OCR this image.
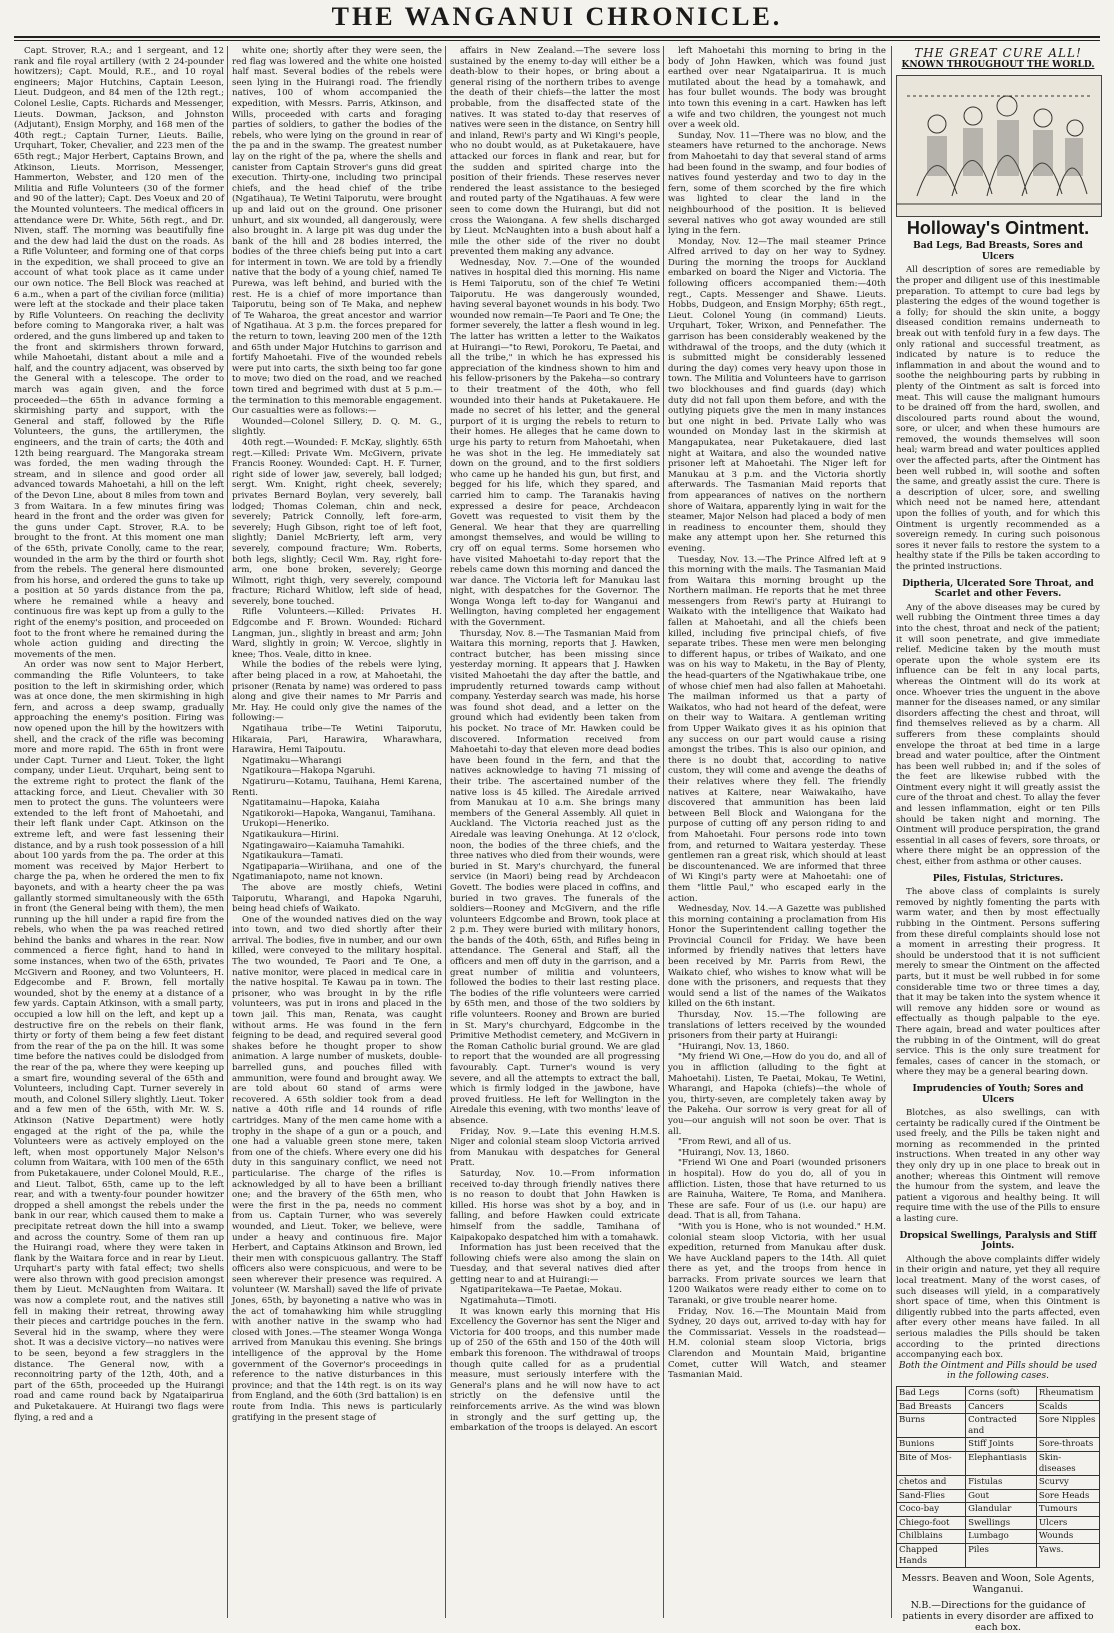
THE WANGANUI CHRONICLE.

Capt. Strover, R.A.; and 1 sergeant, and 12 rank and file royal artillery (with 2 24-pounder howitzers); Capt. Mould, R.E., and 10 royal engineers; Major Hutchins, Captain Leeson, Lieut. Dudgeon, and 84 men of the 12th regt.; Colonel Leslie, Capts. Richards and Messenger, Lieuts. Dowman, Jackson, and Johnston (Adjutant), Ensign Morphy, and 168 men of the 40th regt.; Captain Turner, Lieuts. Bailie, Urquhart, Toker, Chevalier, and 223 men of the 65th regt.; Major Herbert, Captains Brown, and Atkinson, Lieuts. Morrison, Messenger, Hammerton, Webster, and 120 men of the Militia and Rifle Volunteers (30 of the former and 90 of the latter); Capt. Des Voeux and 20 of the Mounted volunteers. The medical officers in attendance were Dr. White, 56th regt., and Dr. Niven, staff. The morning was beautifully fine and the dew had laid the dust on the roads. As a Rifle Volunteer, and forming one of that corps in the expedition, we shall proceed to give an account of what took place as it came under our own notice. The Bell Block was reached at 6 a.m., when a part of the civilian force (militia) were left at the stockade and their place taken by Rifle Volunteers. On reaching the declivity before coming to Mangoraka river, a halt was ordered, and the guns limbered up and taken to the front and skirmishers thrown forward, while Mahoetahi, distant about a mile and a half, and the country adjacent, was observed by the General with a telescope. The order to march was again given, and the force proceeded—the 65th in advance forming a skirmishing party and support, with the General and staff, followed by the Rifle Volunteers, the guns, the artillerymen, the engineers, and the train of carts; the 40th and 12th being rearguard. The Mangoraka stream was forded, the men wading through the stream, and in silence and good order all advanced towards Mahoetahi, a hill on the left of the Devon Line, about 8 miles from town and 3 from Waitara. In a few minutes firing was heard in the front and the order was given for the guns under Capt. Strover, R.A. to be brought to the front. At this moment one man of the 65th, private Conolly, came to the rear, wounded in the arm by the third or fourth shot from the rebels. The general here dismounted from his horse, and ordered the guns to take up a position at 50 yards distance from the pa, where he remained while a heavy and continuous fire was kept up from a gully to the right of the enemy's position, and proceeded on foot to the front where he remained during the whole action guiding and directing the movements of the men.

An order was now sent to Major Herbert, commanding the Rifle Volunteers, to take position to the left in skirmishing order, which was at once done, the men skirmishing in high fern, and across a deep swamp, gradually approaching the enemy's position. Firing was now opened upon the hill by the howitzers with shell, and the crack of the rifle was becoming more and more rapid. The 65th in front were under Capt. Turner and Lieut. Toker, the light company, under Lieut. Urquhart, being sent to the extreme right to protect the flank of the attacking force, and Lieut. Chevalier with 30 men to protect the guns. The volunteers were extended to the left front of Mahoetahi, and their left flank under Capt. Atkinson on the extreme left, and were fast lessening their distance, and by a rush took possession of a hill about 100 yards from the pa. The order at this moment was received by Major Herbert to charge the pa, when he ordered the men to fix bayonets, and with a hearty cheer the pa was gallantly stormed simultaneously with the 65th in front (the General being with them), the men running up the hill under a rapid fire from the rebels, who when the pa was reached retired behind the banks and whares in the rear. Now commenced a fierce fight, hand to hand in some instances, when two of the 65th, privates McGivern and Rooney, and two Volunteers, H. Edgecombe and F. Brown, fell mortally wounded, shot by the enemy at a distance of a few yards. Captain Atkinson, with a small party, occupied a low hill on the left, and kept up a destructive fire on the rebels on their flank, thirty or forty of them being a few feet distant from the rear of the pa on the hill. It was some time before the natives could be dislodged from the rear of the pa, where they were keeping up a smart fire, wounding several of the 65th and Volunteers, including Capt. Turner severely in mouth, and Colonel Sillery slightly. Lieut. Toker and a few men of the 65th, with Mr. W. S. Atkinson (Native Department) were hotly engaged at the right of the pa, while the Volunteers were as actively employed on the left, when most opportunely Major Nelson's column from Waitara, with 100 men of the 65th from Puketakauere, under Colonel Mould, R.E., and Lieut. Talbot, 65th, came up to the left rear, and with a twenty-four pounder howitzer dropped a shell amongst the rebels under the bank in our rear, which caused them to make a precipitate retreat down the hill into a swamp and across the country. Some of them ran up the Huirangi road, where they were taken in flank by the Waitara force and in rear by Lieut. Urquhart's party with fatal effect; two shells were also thrown with good precision amongst them by Lieut. McNaughten from Waitara. It was now a complete rout, and the natives still fell in making their retreat, throwing away their pieces and cartridge pouches in the fern. Several hid in the swamp, where they were shot. It was a decisive victory—no natives were to be seen, beyond a few stragglers in the distance. The General now, with a reconnoitring party of the 12th, 40th, and a part of the 65th, proceeded up the Huirangi road and came round back by Ngataiparirua and Puketakauere. At Huirangi two flags were flying, a red and a

white one; shortly after they were seen, the red flag was lowered and the white one hoisted half mast. Several bodies of the rebels were seen lying in the Huirangi road. The friendly natives, 100 of whom accompanied the expedition, with Messrs. Parris, Atkinson, and Wills, proceeded with carts and foraging parties of soldiers, to gather the bodies of the rebels, who were lying on the ground in rear of the pa and in the swamp. The greatest number lay on the right of the pa, where the shells and canister from Captain Strover's guns did great execution. Thirty-one, including two principal chiefs, and the head chief of the tribe (Ngatihaua), Te Wetini Taiporutu, were brought up and laid out on the ground. One prisoner unhurt, and six wounded, all dangerously, were also brought in. A large pit was dug under the bank of the hill and 28 bodies interred, the bodies of the three chiefs being put into a cart for interment in town. We are told by a friendly native that the body of a young chief, named Te Purewa, was left behind, and buried with the rest. He is a chief of more importance than Taiporutu, being son of Te Maka, and nephew of Te Waharoa, the great ancestor and warrior of Ngatihaua. At 3 p.m. the forces prepared for the return to town, leaving 200 men of the 12th and 65th under Major Hutchins to garrison and fortify Mahoetahi. Five of the wounded rebels were put into carts, the sixth being too far gone to move; two died on the road, and we reached town tired and begrimed with dust at 5 p.m.—the termination to this memorable engagement. Our casualties were as follows:—

Wounded—Colonel Sillery, D. Q. M. G., slightly.

40th regt.—Wounded: F. McKay, slightly. 65th regt.—Killed: Private Wm. McGivern, private Francis Rooney. Wounded: Capt. H. F. Turner, right side of lower jaw, severely, ball lodged; sergt. Wm. Knight, right cheek, severely; privates Bernard Boylan, very severely, ball lodged; Thomas Coleman, chin and neck, severely; Patrick Connolly, left fore-arm, severely; Hugh Gibson, right toe of left foot, slightly; Daniel McBrierty, left arm, very severely, compound fracture; Wm. Roberts, both legs, slightly; Cecil Wm. Ray, right fore-arm, one bone broken, severely; George Wilmott, right thigh, very severely, compound fracture; Richard Whitlow, left side of head, severely, bone touched.

Rifle Volunteers.—Killed: Privates H. Edgcombe and F. Brown. Wounded: Richard Langman, jun., slightly in breast and arm; John Ward, slightly in groin; W. Vercoe, slightly in knee; Thos. Veale, ditto in knee.

While the bodies of the rebels were lying, after being placed in a row, at Mahoetahi, the prisoner (Renata by name) was ordered to pass along and give their names to Mr Parris and Mr. Hay. He could only give the names of the following:—

Ngatihaua tribe—Te Wetini Taiporutu, Hikaraia, Pari, Harawira, Wharawhara, Harawira, Hemi Taipoutu.

Ngatimaku—Wharangi

Ngatikoura—Hakopa Ngaruhi.

Ngatiruru—Kotamu, Tauihana, Hemi Karena, Renti.

Ngatitamainu—Hapoka, Kaiaha

Ngatikoroki—Hapoka, Wanganui, Tamihana.

Urukopi—Heneriko.

Ngatikaukura—Hirini.

Ngatingawairo—Kaiamuha Tamahiki.

Ngatikaukura—Tamati.

Ngatipaparia—Wiriihana, and one of the Ngatimaniapoto, name not known.

The above are mostly chiefs, Wetini Taiporutu, Wharangi, and Hapoka Ngaruhi, being head chiefs of Waikato.

One of the wounded natives died on the way into town, and two died shortly after their arrival. The bodies, five in number, and our own killed, were conveyed to the military hospital. The two wounded, Te Paori and Te One, a native monitor, were placed in medical care in the native hospital. Te Kawau pa in town. The prisoner, who was brought in by the rifle volunteers, was put in irons and placed in the town jail. This man, Renata, was caught without arms. He was found in the fern feigning to be dead, and required several good shakes before he thought proper to show animation. A large number of muskets, double-barrelled guns, and pouches filled with ammunition, were found and brought away. We are told about 60 stand of arms were recovered. A 65th soldier took from a dead native a 40th rifle and 14 rounds of rifle cartridges. Many of the men came home with a trophy in the shape of a gun or a pouch, and one had a valuable green stone mere, taken from one of the chiefs. Where every one did his duty in this sanguinary conflict, we need not particularise. The charge of the rifles is acknowledged by all to have been a brilliant one; and the bravery of the 65th men, who were the first in the pa, needs no comment from us. Captain Turner, who was severely wounded, and Lieut. Toker, we believe, were under a heavy and continuous fire. Major Herbert, and Captains Atkinson and Brown, led their men with conspicuous gallantry. The Staff officers also were conspicuous, and were to be seen wherever their presence was required. A volunteer (W. Marshall) saved the life of private Jones, 65th, by bayoneting a native who was in the act of tomahawking him while struggling with another native in the swamp who had closed with Jones.—The steamer Wonga Wonga arrived from Manukau this evening. She brings intelligence of the approval by the Home government of the Governor's proceedings in reference to the native disturbances in this province; and that the 14th regt. is on its way from England, and the 60th (3rd battalion) is en route from India. This news is particularly gratifying in the present stage of

affairs in New Zealand.—The severe loss sustained by the enemy to-day will either be a death-blow to their hopes, or bring about a general rising of the northern tribes to avenge the death of their chiefs—the latter the most probable, from the disaffected state of the natives. It was stated to-day that reserves of natives were seen in the distance, on Sentry hill and inland, Rewi's party and Wi Kingi's people, who no doubt would, as at Puketakauere, have attacked our forces in flank and rear, but for the sudden and spirited charge into the position of their friends. These reserves never rendered the least assistance to the besieged and routed party of the Ngatihauas. A few were seen to come down the Huirangi, but did not cross the Waiongana. A few shells discharged by Lieut. McNaughten into a bush about half a mile the other side of the river no doubt prevented them making any advance.

Wednesday, Nov. 7.—One of the wounded natives in hospital died this morning. His name is Hemi Taiporutu, son of the chief Te Wetini Taiporutu. He was dangerously wounded, having several bayonet wounds in his body. Two wounded now remain—Te Paori and Te One; the former severely, the latter a flesh wound in leg. The latter has written a letter to the Waikatos at Huirangi—"to Rewi, Porokoru, Te Paetai, and all the tribe," in which he has expressed his appreciation of the kindness shown to him and his fellow-prisoners by the Pakeha—so contrary to their treatment of the 40th, who fell wounded into their hands at Puketakauere. He made no secret of his letter, and the general purport of it is urging the rebels to return to their homes. He alleges that he came down to urge his party to return from Mahoetahi, when he was shot in the leg. He immediately sat down on the ground, and to the first soldiers who came up he handed his gun, but first, and begged for his life, which they spared, and carried him to camp. The Taranakis having expressed a desire for peace, Archdeacon Govett was requested to visit them by the General. We hear that they are quarrelling amongst themselves, and would be willing to cry off on equal terms. Some horsemen who have visited Mahoetahi to-day report that the rebels came down this morning and danced the war dance. The Victoria left for Manukau last night, with despatches for the Governor. The Wonga Wonga left to-day for Wanganui and Wellington, having completed her engagement with the Government.

Thursday, Nov. 8.—The Tasmanian Maid from Waitara this morning, reports that J. Hawken, contract butcher, has been missing since yesterday morning. It appears that J. Hawken visited Mahoetahi the day after the battle, and imprudently returned towards camp without company. Yesterday search was made, his horse was found shot dead, and a letter on the ground which had evidently been taken from his pocket. No trace of Mr. Hawken could be discovered. Information received from Mahoetahi to-day that eleven more dead bodies have been found in the fern, and that the natives acknowledge to having 71 missing of their tribe. The ascertained number of the native loss is 45 killed. The Airedale arrived from Manukau at 10 a.m. She brings many members of the General Assembly. All quiet in Auckland. The Victoria reached just as the Airedale was leaving Onehunga. At 12 o'clock, noon, the bodies of the three chiefs, and the three natives who died from their wounds, were buried in St. Mary's churchyard, the funeral service (in Maori) being read by Archdeacon Govett. The bodies were placed in coffins, and buried in two graves. The funerals of the soldiers—Rooney and McGivern, and the rifle volunteers Edgcombe and Brown, took place at 2 p.m. They were buried with military honors, the bands of the 40th, 65th, and Rifles being in attendance. The General and Staff, all the officers and men off duty in the garrison, and a great number of militia and volunteers, followed the bodies to their last resting place. The bodies of the rifle volunteers were carried by 65th men, and those of the two soldiers by rifle volunteers. Rooney and Brown are buried in St. Mary's churchyard, Edgcombe in the Primitive Methodist cemetery, and McGivern in the Roman Catholic burial ground. We are glad to report that the wounded are all progressing favourably. Capt. Turner's wound is very severe, and all the attempts to extract the ball, which is firmly lodged in the jawbone, have proved fruitless. He left for Wellington in the Airedale this evening, with two months' leave of absence.

Friday, Nov. 9.—Late this evening H.M.S. Niger and colonial steam sloop Victoria arrived from Manukau with despatches for General Pratt.

Saturday, Nov. 10.—From information received to-day through friendly natives there is no reason to doubt that John Hawken is killed. His horse was shot by a boy, and in falling, and before Hawken could extricate himself from the saddle, Tamihana of Kaipakopako despatched him with a tomahawk.

Information has just been received that the following chiefs were also among the slain on Tuesday, and that several natives died after getting near to and at Huirangi:—

Ngatiparitekawa—Te Paetae, Mokau.

Ngatimahuta—Timoti.

It was known early this morning that His Excellency the Governor has sent the Niger and Victoria for 400 troops, and this number made up of 250 of the 65th and 150 of the 40th will embark this forenoon. The withdrawal of troops though quite called for as a prudential measure, must seriously interfere with the General's plans and he will now have to act strictly on the defensive until the reinforcements arrive. As the wind was blown in strongly and the surf getting up, the embarkation of the troops is delayed. An escort

left Mahoetahi this morning to bring in the body of John Hawken, which was found just earthed over near Ngataiparirua. It is much mutilated about the head by a tomahawk, and has four bullet wounds. The body was brought into town this evening in a cart. Hawken has left a wife and two children, the youngest not much over a week old.

Sunday, Nov. 11—There was no blow, and the steamers have returned to the anchorage. News from Mahoetahi to day that several stand of arms had been found in the swamp, and four bodies of natives found yesterday and two to day in the fern, some of them scorched by the fire which was lighted to clear the land in the neighbourhood of the position. It is believed several natives who got away wounded are still lying in the fern.

Monday, Nov. 12—The mail steamer Prince Alfred arrived to day on her way to Sydney. During the morning the troops for Auckland embarked on board the Niger and Victoria. The following officers accompanied them:—40th regt., Capts. Messenger and Shawe. Lieuts. Hobbs, Dudgeon, and Ensign Morphy; 65th regt., Lieut. Colonel Young (in command) Lieuts. Urquhart, Toker, Wrixon, and Pennefather. The garrison has been considerably weakened by the withdrawal of the troops, and the duty (which it is submitted might be considerably lessened during the day) comes very heavy upon those in town. The Militia and Volunteers have to garrison two blockhouses and find guards (day) which duty did not fall upon them before, and with the outlying piquets give the men in many instances but one night in bed. Private Lally who was wounded on Monday last in the skirmish at Mangapukatea, near Puketakauere, died last night at Waitara, and also the wounded native prisoner left at Mahoetahi. The Niger left for Manukau at 3 p.m. and the Victoria shortly afterwards. The Tasmanian Maid reports that from appearances of natives on the northern shore of Waitara, apparently lying in wait for the steamer, Major Nelson had placed a body of men in readiness to encounter them, should they make any attempt upon her. She returned this evening.

Tuesday, Nov. 13.—The Prince Alfred left at 9 this morning with the mails. The Tasmanian Maid from Waitara this morning brought up the Northern mailman. He reports that he met three messengers from Rewi's party at Huirangi to Waikato with the intelligence that Waikato had fallen at Mahoetahi, and all the chiefs been killed, including five principal chiefs, of five separate tribes. These men were men belonging to different hapus, or tribes of Waikato, and one was on his way to Maketu, in the Bay of Plenty, the head-quarters of the Ngatiwhakaue tribe, one of whose chief men had also fallen at Mahoetahi. The mailman informed us that a party of Waikatos, who had not heard of the defeat, were on their way to Waitara. A gentleman writing from Upper Waikato gives it as his opinion that any success on our part would cause a rising amongst the tribes. This is also our opinion, and there is no doubt that, according to native custom, they will come and avenge the deaths of their relatives where they fell. The friendly natives at Kaitere, near Waiwakaiho, have discovered that ammunition has been laid between Bell Block and Waiongana for the purpose of cutting off any person riding to and from Mahoetahi. Four persons rode into town from, and returned to Waitara yesterday. These gentlemen ran a great risk, which should at least be discountenanced. We are informed that three of Wi Kingi's party were at Mahoetahi: one of them "little Paul," who escaped early in the action.

Wednesday, Nov. 14.—A Gazette was published this morning containing a proclamation from His Honor the Superintendent calling together the Provincial Council for Friday. We have been informed by friendly natives that letters have been received by Mr. Parris from Rewi, the Waikato chief, who wishes to know what will be done with the prisoners, and requests that they would send a list of the names of the Waikatos killed on the 6th instant.

Thursday, Nov. 15.—The following are translations of letters received by the wounded prisoners from their party at Huirangi:

"Huirangi, Nov. 13, 1860.

"My friend Wi One,—How do you do, and all of you in affliction (alluding to the fight at Mahoetahi). Listen, Te Paetai, Mokau, Te Wetini, Wharangi, and Hapoka (chiefs)—the whole of you, thirty-seven, are completely taken away by the Pakeha. Our sorrow is very great for all of you—our anguish will not soon be over. That is all.

"From Rewi, and all of us.

"Huirangi, Nov. 13, 1860.

"Friend Wi One and Poari (wounded prisoners in hospital). How do you do, all of you in affliction. Listen, those that have returned to us are Rainuha, Waitere, Te Roma, and Manihera. These are safe. Four of us (i.e. our hapu) are dead. That is all, from Tahana.

"With you is Hone, who is not wounded." H.M. colonial steam sloop Victoria, with her usual expedition, returned from Manukau after dusk. We have Auckland papers to the 14th. All quiet there as yet, and the troops from hence in barracks. From private sources we learn that 1200 Waikatos were ready either to come on to Taranaki, or give trouble nearer home.

Friday, Nov. 16.—The Mountain Maid from Sydney, 20 days out, arrived to-day with hay for the Commissariat. Vessels in the roadstead—H.M. colonial steam sloop Victoria, brigs Clarendon and Mountain Maid, brigantine Comet, cutter Will Watch, and steamer Tasmanian Maid.

THE GREAT CURE ALL!
KNOWN THROUGHOUT THE WORLD.
Holloway's Ointment.
Bad Legs, Bad Breasts, Sores and Ulcers

All description of sores are remediable by the proper and diligent use of this inestimable preparation. To attempt to cure bad legs by plastering the edges of the wound together is a folly; for should the skin unite, a boggy diseased condition remains underneath to break out with tenfold fury in a few days. The only rational and successful treatment, as indicated by nature is to reduce the inflammation in and about the wound and to soothe the neighbouring parts by rubbing in plenty of the Ointment as salt is forced into meat. This will cause the malignant humours to be drained off from the hard, swollen, and discoloured parts round about the wound, sore, or ulcer, and when these humours are removed, the wounds themselves will soon heal; warm bread and water poultices applied over the affected parts, after the Ointment has been well rubbed in, will soothe and soften the same, and greatly assist the cure. There is a description of ulcer, sore, and swelling which need not be named here, attendant upon the follies of youth, and for which this Ointment is urgently recommended as a sovereign remedy. In curing such poisonous sores it never fails to restore the system to a healthy state if the Pills be taken according to the printed instructions.

Diptheria, Ulcerated Sore Throat, and Scarlet and other Fevers.

Any of the above diseases may be cured by well rubbing the Ointment three times a day into the chest, throat and neck of the patient; it will soon penetrate, and give immediate relief. Medicine taken by the mouth must operate upon the whole system ere its influence can be felt in any local parts, whereas the Ointment will do its work at once. Whoever tries the unguent in the above manner for the diseases named, or any similar disorders affecting the chest and throat, will find themselves relieved as by a charm. All sufferers from these complaints should envelope the throat at bed time in a large bread and water poultice, after the Ointment has been well rubbed in; and if the soles of the feet are likewise rubbed with the Ointment every night it will greatly assist the cure of the throat and chest. To allay the fever and lessen inflammation, eight or ten Pills should be taken night and morning. The Ointment will produce perspiration, the grand essential in all cases of fevers, sore throats, or where there might be an oppression of the chest, either from asthma or other causes.

Piles, Fistulas, Strictures.

The above class of complaints is surely removed by nightly fomenting the parts with warm water, and then by most effectually rubbing in the Ointment. Persons suffering from these direful complaints should lose not a moment in arresting their progress. It should be understood that it is not sufficient merely to smear the Ointment on the affected parts, but it must be well rubbed in for some considerable time two or three times a day, that it may be taken into the system whence it will remove any hidden sore or wound as effectually as though palpable to the eye. There again, bread and water poultices after the rubbing in of the Ointment, will do great service. This is the only sure treatment for females, cases of cancer in the stomach, or where they may be a general bearing down.

Imprudencies of Youth; Sores and Ulcers

Blotches, as also swellings, can with certainty be radically cured if the Ointment be used freely, and the Pills be taken night and morning as recommended in the printed instructions. When treated in any other way they only dry up in one place to break out in another; whereas this Ointment will remove the humour from the system, and leave the patient a vigorous and healthy being. It will require time with the use of the Pills to ensure a lasting cure.

Dropsical Swellings, Paralysis and Stiff Joints.

Although the above complaints differ widely in their origin and nature, yet they all require local treatment. Many of the worst cases, of such diseases will yield, in a comparatively short space of time, when this Ointment is diligently rubbed into the parts affected, even after every other means have failed. In all serious maladies the Pills should be taken according to the printed directions accompanying each box.

Both the Ointment and Pills should be used in the following cases.
Bad Legs	Corns (soft)	Rheumatism
Bad Breasts	Cancers	Scalds
Burns	Contracted and	Sore Nipples
Bunions	Stiff Joints	Sore-throats
Bite of Mos-	Elephantiasis	Skin-diseases
chetos and	Fistulas	Scurvy
Sand-Flies	Gout	Sore Heads
Coco-bay	Glandular	Tumours
Chiego-foot	Swellings	Ulcers
Chilblains	Lumbago	Wounds
Chapped Hands	Piles	Yaws.
Messrs. Beaven and Woon, Sole Agents, Wanganui.
N.B.—Directions for the guidance of patients in every disorder are affixed to each box.
